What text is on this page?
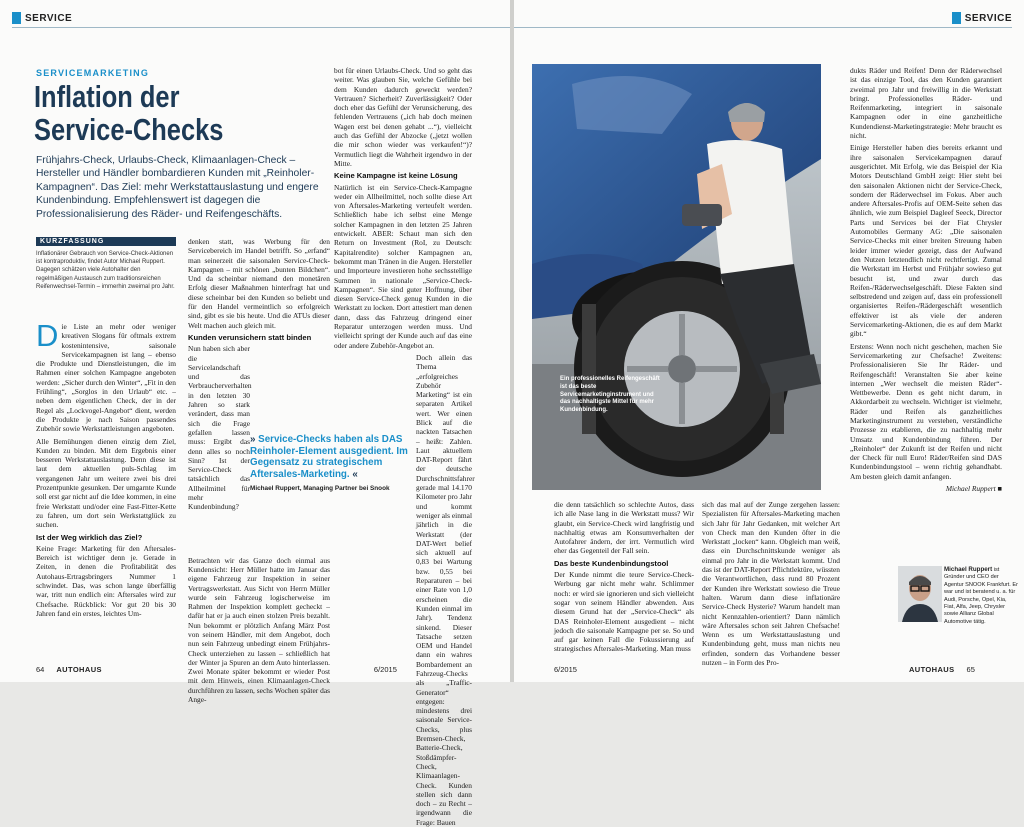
SERVICE
SERVICEMARKETING
Inflation der Service-Checks
Frühjahrs-Check, Urlaubs-Check, Klimaanlagen-Check – Hersteller und Händler bombardieren Kunden mit „Reinholer-Kampagnen“. Das Ziel: mehr Werkstattauslastung und engere Kundenbindung. Empfehlenswert ist dagegen die Professionalisierung des Räder- und Reifengeschäfts.
KURZFASSUNG
Inflationärer Gebrauch von Service-Check-Aktionen ist kontraproduktiv, findet Autor Michael Ruppert. Dagegen schätzen viele Autohalter den regelmäßigen Austausch zum traditionsreichen Reifenwechsel-Termin – immerhin zweimal pro Jahr.

Die Liste an mehr oder weniger kreativen Slogans für oftmals extrem kostenintensive, saisonale Servicekampagnen ist lang – ebenso die Produkte und Dienstleistungen, die im Rahmen einer solchen Kampagne angeboten werden: „Sicher durch den Winter“, „Fit in den Frühling“, „Sorglos in den Urlaub“ etc. – neben dem eigentlichen Check, der in der Regel als „Lockvogel-Angebot“ dient, werden die Produkte je nach Saison passendes Zubehör sowie Werkstattleistungen angeboten.

Alle Bemühungen dienen einzig dem Ziel, Kunden zu binden. Mit dem Ergebnis einer besseren Werkstattauslastung. Denn diese ist laut dem aktuellen puls-Schlag im vergangenen Jahr um weitere zwei bis drei Prozentpunkte gesunken. Der umgarnte Kunde soll erst gar nicht auf die Idee kommen, in eine freie Werkstatt und/oder eine Fast-Fitter-Kette zu fahren, um dort sein Werkstattglück zu suchen.

Ist der Weg wirklich das Ziel?

Keine Frage: Marketing für den Aftersales-Bereich ist wichtiger denn je. Gerade in Zeiten, in denen die Profitabilität des Autohaus-Ertragsbringers Nummer 1 schwindet. Das, was schon lange überfällig war, tritt nun endlich ein: Aftersales wird zur Chefsache. Rückblick: Vor gut 20 bis 30 Jahren fand ein erstes, leichtes Um-

denken statt, was Werbung für den Servicebereich im Handel betrifft. So „erfand“ man seinerzeit die saisonalen Service-Check-Kampagnen – mit schönen „bunten Bildchen“. Und da scheinbar niemand den monetären Erfolg dieser Maßnahmen hinterfragt hat und diese scheinbar bei den Kunden so beliebt und für den Handel vermeintlich so erfolgreich sind, gibt es sie bis heute. Und die ATUs dieser Welt machen auch gleich mit.

Kunden verunsichern statt binden

Nun haben sich aber die Servicelandschaft und das Verbraucherverhalten in den letzten 30 Jahren so stark verändert, dass man sich die Frage gefallen lassen muss: Ergibt das denn alles so noch Sinn? Ist der Service-Check tatsächlich das Allheilmittel für mehr Kundenbindung?

Betrachten wir das Ganze doch einmal aus Kundensicht: Herr Müller hatte im Januar das eigene Fahrzeug zur Inspektion in seiner Vertragswerkstatt. Aus Sicht von Herrn Müller wurde sein Fahrzeug logischerweise im Rahmen der Inspektion komplett gecheckt – dafür hat er ja auch einen stolzen Preis bezahlt. Nun bekommt er plötzlich Anfang März Post von seinem Händler, mit dem Angebot, doch nun sein Fahrzeug unbedingt einem Frühjahrs-Check unterziehen zu lassen – schließlich hat der Winter ja Spuren an dem Auto hinterlassen. Zwei Monate später bekommt er wieder Post mit dem Hinweis, einen Klimaanlagen-Check durchführen zu lassen, sechs Wochen später das Ange-

bot für einen Urlaubs-Check. Und so geht das weiter. Was glauben Sie, welche Gefühle bei dem Kunden dadurch geweckt werden? Vertrauen? Sicherheit? Zuverlässigkeit? Oder doch eher das Gefühl der Verunsicherung, des fehlenden Vertrauens („ich hab doch meinen Wagen erst bei denen gehabt ...“), vielleicht auch das Gefühl der Abzocke („jetzt wollen die mir schon wieder was verkaufen!“)? Vermutlich liegt die Wahrheit irgendwo in der Mitte.

Keine Kampagne ist keine Lösung

Natürlich ist ein Service-Check-Kampagne weder ein Allheilmittel, noch sollte diese Art von Aftersales-Marketing verteufelt werden. Schließlich habe ich selbst eine Menge solcher Kampagnen in den letzten 25 Jahren entwickelt. ABER: Schaut man sich den Return on Investment (RoI, zu Deutsch: Kapitalrendite) solcher Kampagnen an, bekommt man Tränen in die Augen. Hersteller und Importeure investieren hohe sechsstellige Summen in nationale „Service-Check-Kampagnen“. Sie sind guter Hoffnung, über diesen Service-Check genug Kunden in die Werkstatt zu locken. Dort attestiert man denen dann, dass das Fahrzeug dringend einer Reparatur unterzogen werden muss. Und vielleicht springt der Kunde auch auf das eine oder andere Zubehör-Angebot an.

Doch allein das Thema „erfolgreiches Zubehör Marketing“ ist ein separaten Artikel wert. Wer einen Blick auf die nackten Tatsachen – heißt: Zahlen. Laut aktuellem DAT-Report fährt der deutsche Durchschnittsfahrer gerade mal 14.170 Kilometer pro Jahr und kommt weniger als einmal jährlich in die Werkstatt (der DAT-Wert belief sich aktuell auf 0,83 bei Wartung bzw. 0,55 bei Reparaturen – bei einer Rate von 1,0 erscheinen die Kunden einmal im Jahr). Tendenz sinkend. Dieser Tatsache setzen OEM und Handel dann ein wahres Bombardement an Fahrzeug-Checks als „Traffic-Generator“ entgegen: mindestens drei saisonale Service-Checks, plus Bremsen-Check, Batterie-Check, Stoßdämpfer-Check, Klimaanlagen-Check. Kunden stellen sich dann doch – zu Recht – irgendwann die Frage: Bauen

» Service-Checks haben als DAS Reinholer-Element ausgedient. Im Gegensatz zu strategischem Aftersales-Marketing. «
Michael Ruppert, Managing Partner bei Snook
64 AUTOHAUS	6/2015
SERVICE
Ein professionelles Reifengeschäft ist das beste Servicemarketinginstrument und das nachhaltigste Mittel für mehr Kundenbindung.

die denn tatsächlich so schlechte Autos, dass ich alle Nase lang in die Werkstatt muss? Wir glaubt, ein Service-Check wird langfristig und nachhaltig etwas am Konsumverhalten der Autofahrer ändern, der irrt. Vermutlich wird eher das Gegenteil der Fall sein.

Das beste Kundenbindungstool

Der Kunde nimmt die teure Service-Check-Werbung gar nicht mehr wahr. Schlimmer noch: er wird sie ignorieren und sich vielleicht sogar von seinem Händler abwenden. Aus diesem Grund hat der „Service-Check“ als DAS Reinholer-Element ausgedient – nicht jedoch die saisonale Kampagne per se. So und auf gar keinen Fall die Fokussierung auf strategisches Aftersales-Marketing. Man muss

sich das mal auf der Zunge zergehen lassen: Spezialisten für Aftersales-Marketing machen sich Jahr für Jahr Gedanken, mit welcher Art von Check man den Kunden öfter in die Werkstatt „locken“ kann. Obgleich man weiß, dass ein Durchschnittskunde weniger als einmal pro Jahr in die Werkstatt kommt. Und das ist der DAT-Report Pflichtlektüre, wüssten die Verantwortlichen, dass rund 80 Prozent der Kunden ihre Werkstatt sowieso die Treue halten. Warum dann diese inflationäre Service-Check Hysterie? Warum handelt man nicht Kennzahlen-orientiert? Dann nämlich wäre Aftersales schon seit Jahren Chefsache! Wenn es um Werkstattauslastung und Kundenbindung geht, muss man nichts neu erfinden, sondern das Vorhandene besser nutzen – in Form des Pro-

dukts Räder und Reifen! Denn der Räderwechsel ist das einzige Tool, das den Kunden garantiert zweimal pro Jahr und freiwillig in die Werkstatt bringt. Professionelles Räder- und Reifenmarketing, integriert in saisonale Kampagnen oder in eine ganzheitliche Kundendienst-Marketingstrategie: Mehr braucht es nicht.

Einige Hersteller haben dies bereits erkannt und ihre saisonalen Servicekampagnen darauf ausgerichtet. Mit Erfolg, wie das Beispiel der Kia Motors Deutschland GmbH zeigt: Hier steht bei den saisonalen Aktionen nicht der Service-Check, sondern der Räderwechsel im Fokus. Aber auch andere Aftersales-Profis auf OEM-Seite sehen das ähnlich, wie zum Beispiel Dagleef Seeck, Director Parts und Services bei der Fiat Chrysler Automobiles Germany AG: „Die saisonalen Service-Checks mit einer breiten Streuung haben leider immer wieder gezeigt, dass der Aufwand den Nutzen letztendlich nicht rechtfertigt. Zumal die Werkstatt im Herbst und Frühjahr sowieso gut besucht ist, und zwar durch das Reifen-/Räderwechselgeschäft. Diese Fakten sind selbstredend und zeigen auf, dass ein professionell organisiertes Reifen-/Rädergeschäft wesentlich effektiver ist als viele der anderen Servicemarketing-Aktionen, die es auf dem Markt gibt.“

Erstens: Wenn noch nicht geschehen, machen Sie Servicemarketing zur Chefsache! Zweitens: Professionalisieren Sie Ihr Räder- und Reifengeschäft! Veranstalten Sie aber keine internen „Wer wechselt die meisten Räder“-Wettbewerbe. Denn es geht nicht darum, in Akkordarbeit zu wechseln. Wichtiger ist vielmehr, Räder und Reifen als ganzheitliches Marketinginstrument zu verstehen, verständliche Prozesse zu etablieren, die zu nachhaltig mehr Umsatz und Kundenbindung führen. Der „Reinholer“ der Zukunft ist der Reifen und nicht der Check für null Euro! Räder/Reifen sind DAS Kundenbindungstool – wenn richtig gehandhabt. Am besten gleich damit anfangen.

Michael Ruppert ■

Michael Ruppert ist Gründer und CEO der Agentur SNOOK Frankfurt. Er war und ist beratend u. a. für Audi, Porsche, Opel, Kia, Fiat, Alfa, Jeep, Chrysler sowie Allianz Global Automotive tätig.
6/2015	AUTOHAUS 65
